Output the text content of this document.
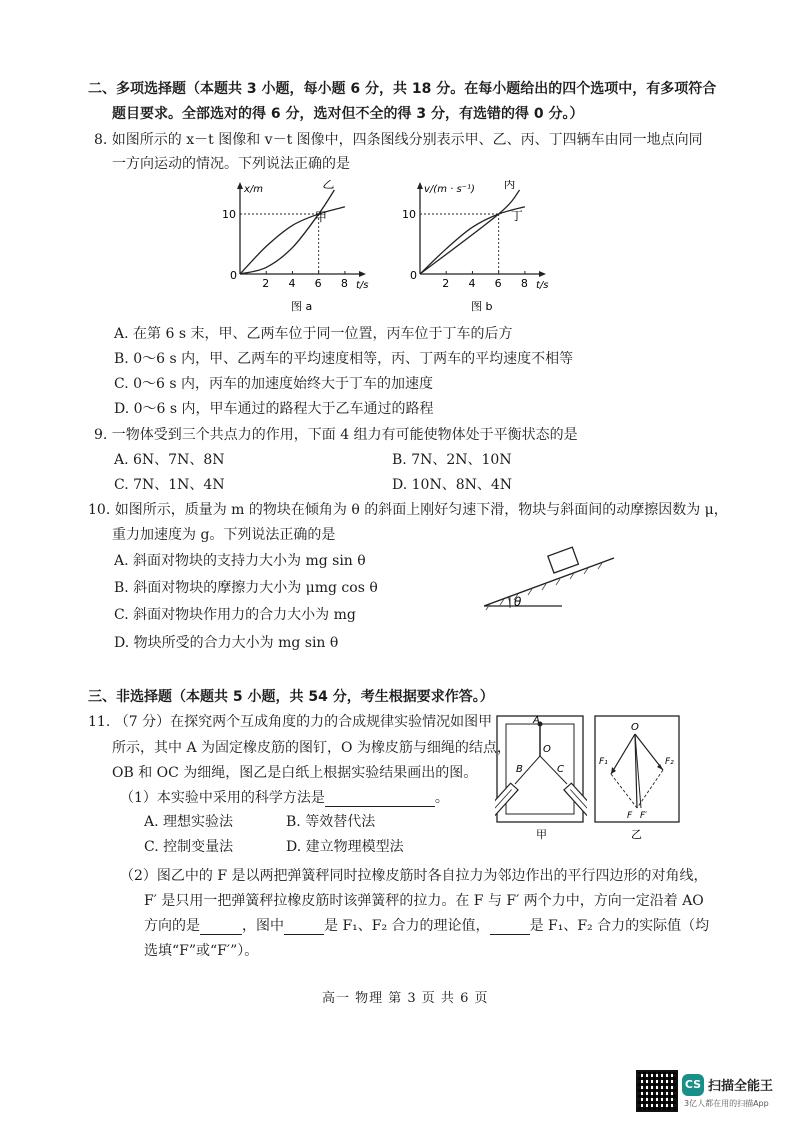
二、多项选择题（本题共 3 小题，每小题 6 分，共 18 分。在每小题给出的四个选项中，有多项符合
题目要求。全部选对的得 6 分，选对但不全的得 3 分，有选错的得 0 分。）
8. 如图所示的 x－t 图像和 v－t 图像中，四条图线分别表示甲、乙、丙、丁四辆车由同一地点向同
一方向运动的情况。下列说法正确的是
2 4 6 8
10
0
甲
乙
x/m
t/s
图 a
2 4 6 8
10
0
丙
丁
v/(m · s⁻¹)
t/s
图 b
A. 在第 6 s 末，甲、乙两车位于同一位置，丙车位于丁车的后方
B. 0～6 s 内，甲、乙两车的平均速度相等，丙、丁两车的平均速度不相等
C. 0～6 s 内，丙车的加速度始终大于丁车的加速度
D. 0～6 s 内，甲车通过的路程大于乙车通过的路程
9. 一物体受到三个共点力的作用，下面 4 组力有可能使物体处于平衡状态的是
A. 6N、7N、8N	B. 7N、2N、10N
C. 7N、1N、4N	D. 10N、8N、4N
10. 如图所示，质量为 m 的物块在倾角为 θ 的斜面上刚好匀速下滑，物块与斜面间的动摩擦因数为 μ，
重力加速度为 g。下列说法正确的是
A. 斜面对物块的支持力大小为 mg sin θ
B. 斜面对物块的摩擦力大小为 μmg cos θ
C. 斜面对物块作用力的合力大小为 mg
D. 物块所受的合力大小为 mg sin θ
θ
三、非选择题（本题共 5 小题，共 54 分，考生根据要求作答。）
11. （7 分）在探究两个互成角度的力的合成规律实验情况如图甲
所示，其中 A 为固定橡皮筋的图钉，O 为橡皮筋与细绳的结点，
OB 和 OC 为细绳，图乙是白纸上根据实验结果画出的图。
（1）本实验中采用的科学方法是	。
A. 理想实验法	B. 等效替代法
C. 控制变量法	D. 建立物理模型法
（2）图乙中的 F 是以两把弹簧秤同时拉橡皮筋时各自拉力为邻边作出的平行四边形的对角线，
F′ 是只用一把弹簧秤拉橡皮筋时该弹簧秤的拉力。在 F 与 F′ 两个力中，方向一定沿着 AO
方向的是	，图中	是 F₁、F₂ 合力的理论值，	是 F₁、F₂ 合力的实际值（均
选填“F”或“F′”）。
A
O
B	C
甲
O
F₁	F₂
F F′
乙
高一 物理 第 3 页 共 6 页
CS 扫描全能王
3亿人都在用的扫描App
